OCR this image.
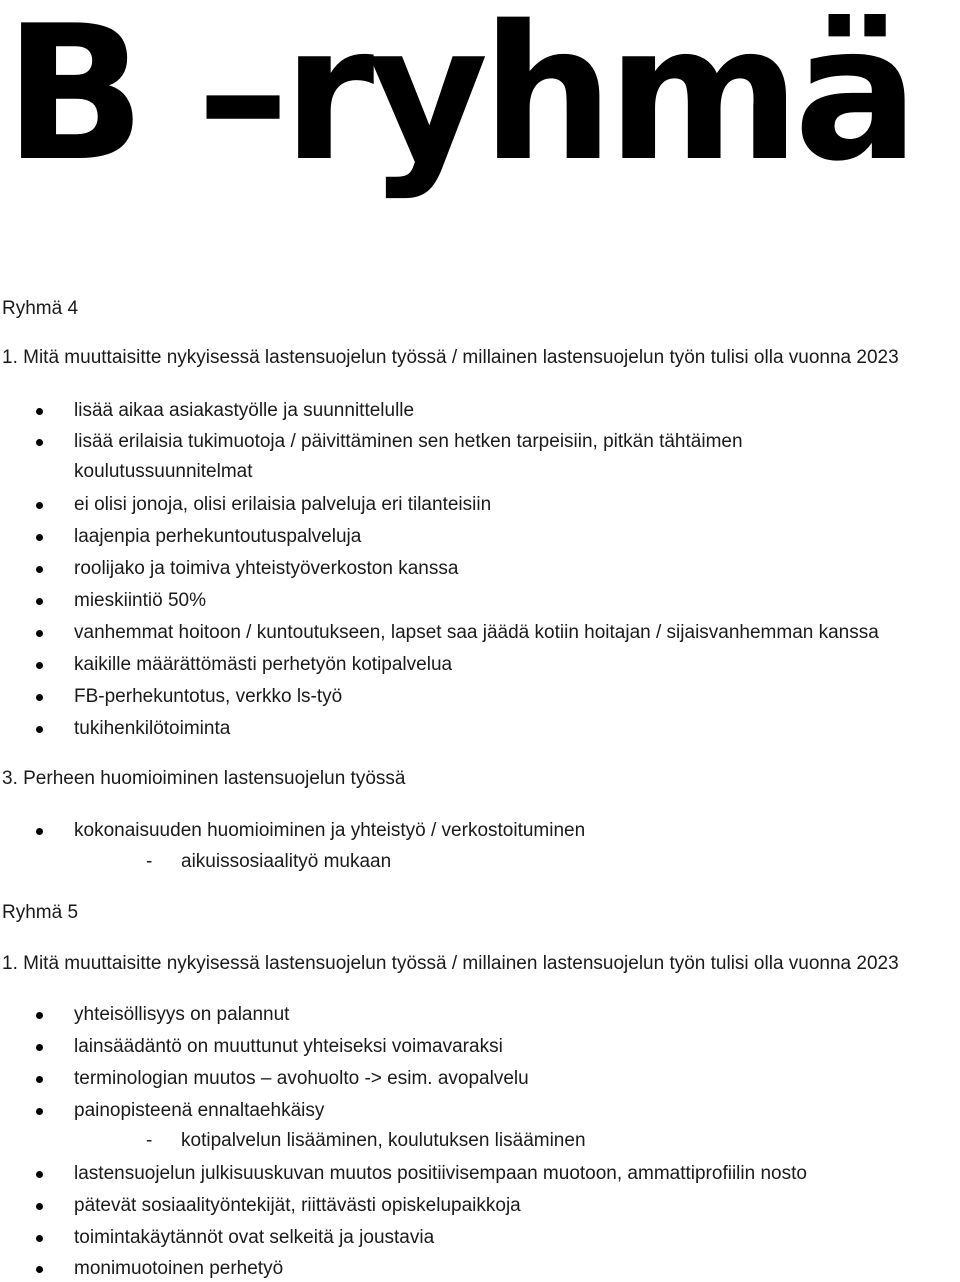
B –ryhmä

Ryhmä 4

1. Mitä muuttaisitte nykyisessä lastensuojelun työssä / millainen lastensuojelun työn tulisi olla vuonna 2023

lisää aikaa asiakastyölle ja suunnittelulle
lisää erilaisia tukimuotoja / päivittäminen sen hetken tarpeisiin, pitkän tähtäimen

koulutussuunnitelmat

ei olisi jonoja, olisi erilaisia palveluja eri tilanteisiin
laajenpia perhekuntoutuspalveluja
roolijako ja toimiva yhteistyöverkoston kanssa
mieskiintiö 50%
vanhemmat hoitoon / kuntoutukseen, lapset saa jäädä kotiin hoitajan / sijaisvanhemman kanssa
kaikille määrättömästi perhetyön kotipalvelua
FB-perhekuntotus, verkko ls-työ
tukihenkilötoiminta

3. Perheen huomioiminen lastensuojelun työssä

kokonaisuuden huomioiminen ja yhteistyö / verkostoituminen
-	aikuissosiaalityö mukaan

Ryhmä 5

1. Mitä muuttaisitte nykyisessä lastensuojelun työssä / millainen lastensuojelun työn tulisi olla vuonna 2023

yhteisöllisyys on palannut
lainsäädäntö on muuttunut yhteiseksi voimavaraksi
terminologian muutos – avohuolto -> esim. avopalvelu
painopisteenä ennaltaehkäisy
-	kotipalvelun lisääminen, koulutuksen lisääminen
lastensuojelun julkisuuskuvan muutos positiivisempaan muotoon, ammattiprofiilin nosto
pätevät sosiaalityöntekijät, riittävästi opiskelupaikkoja
toimintakäytännöt ovat selkeitä ja joustavia
monimuotoinen perhetyö
